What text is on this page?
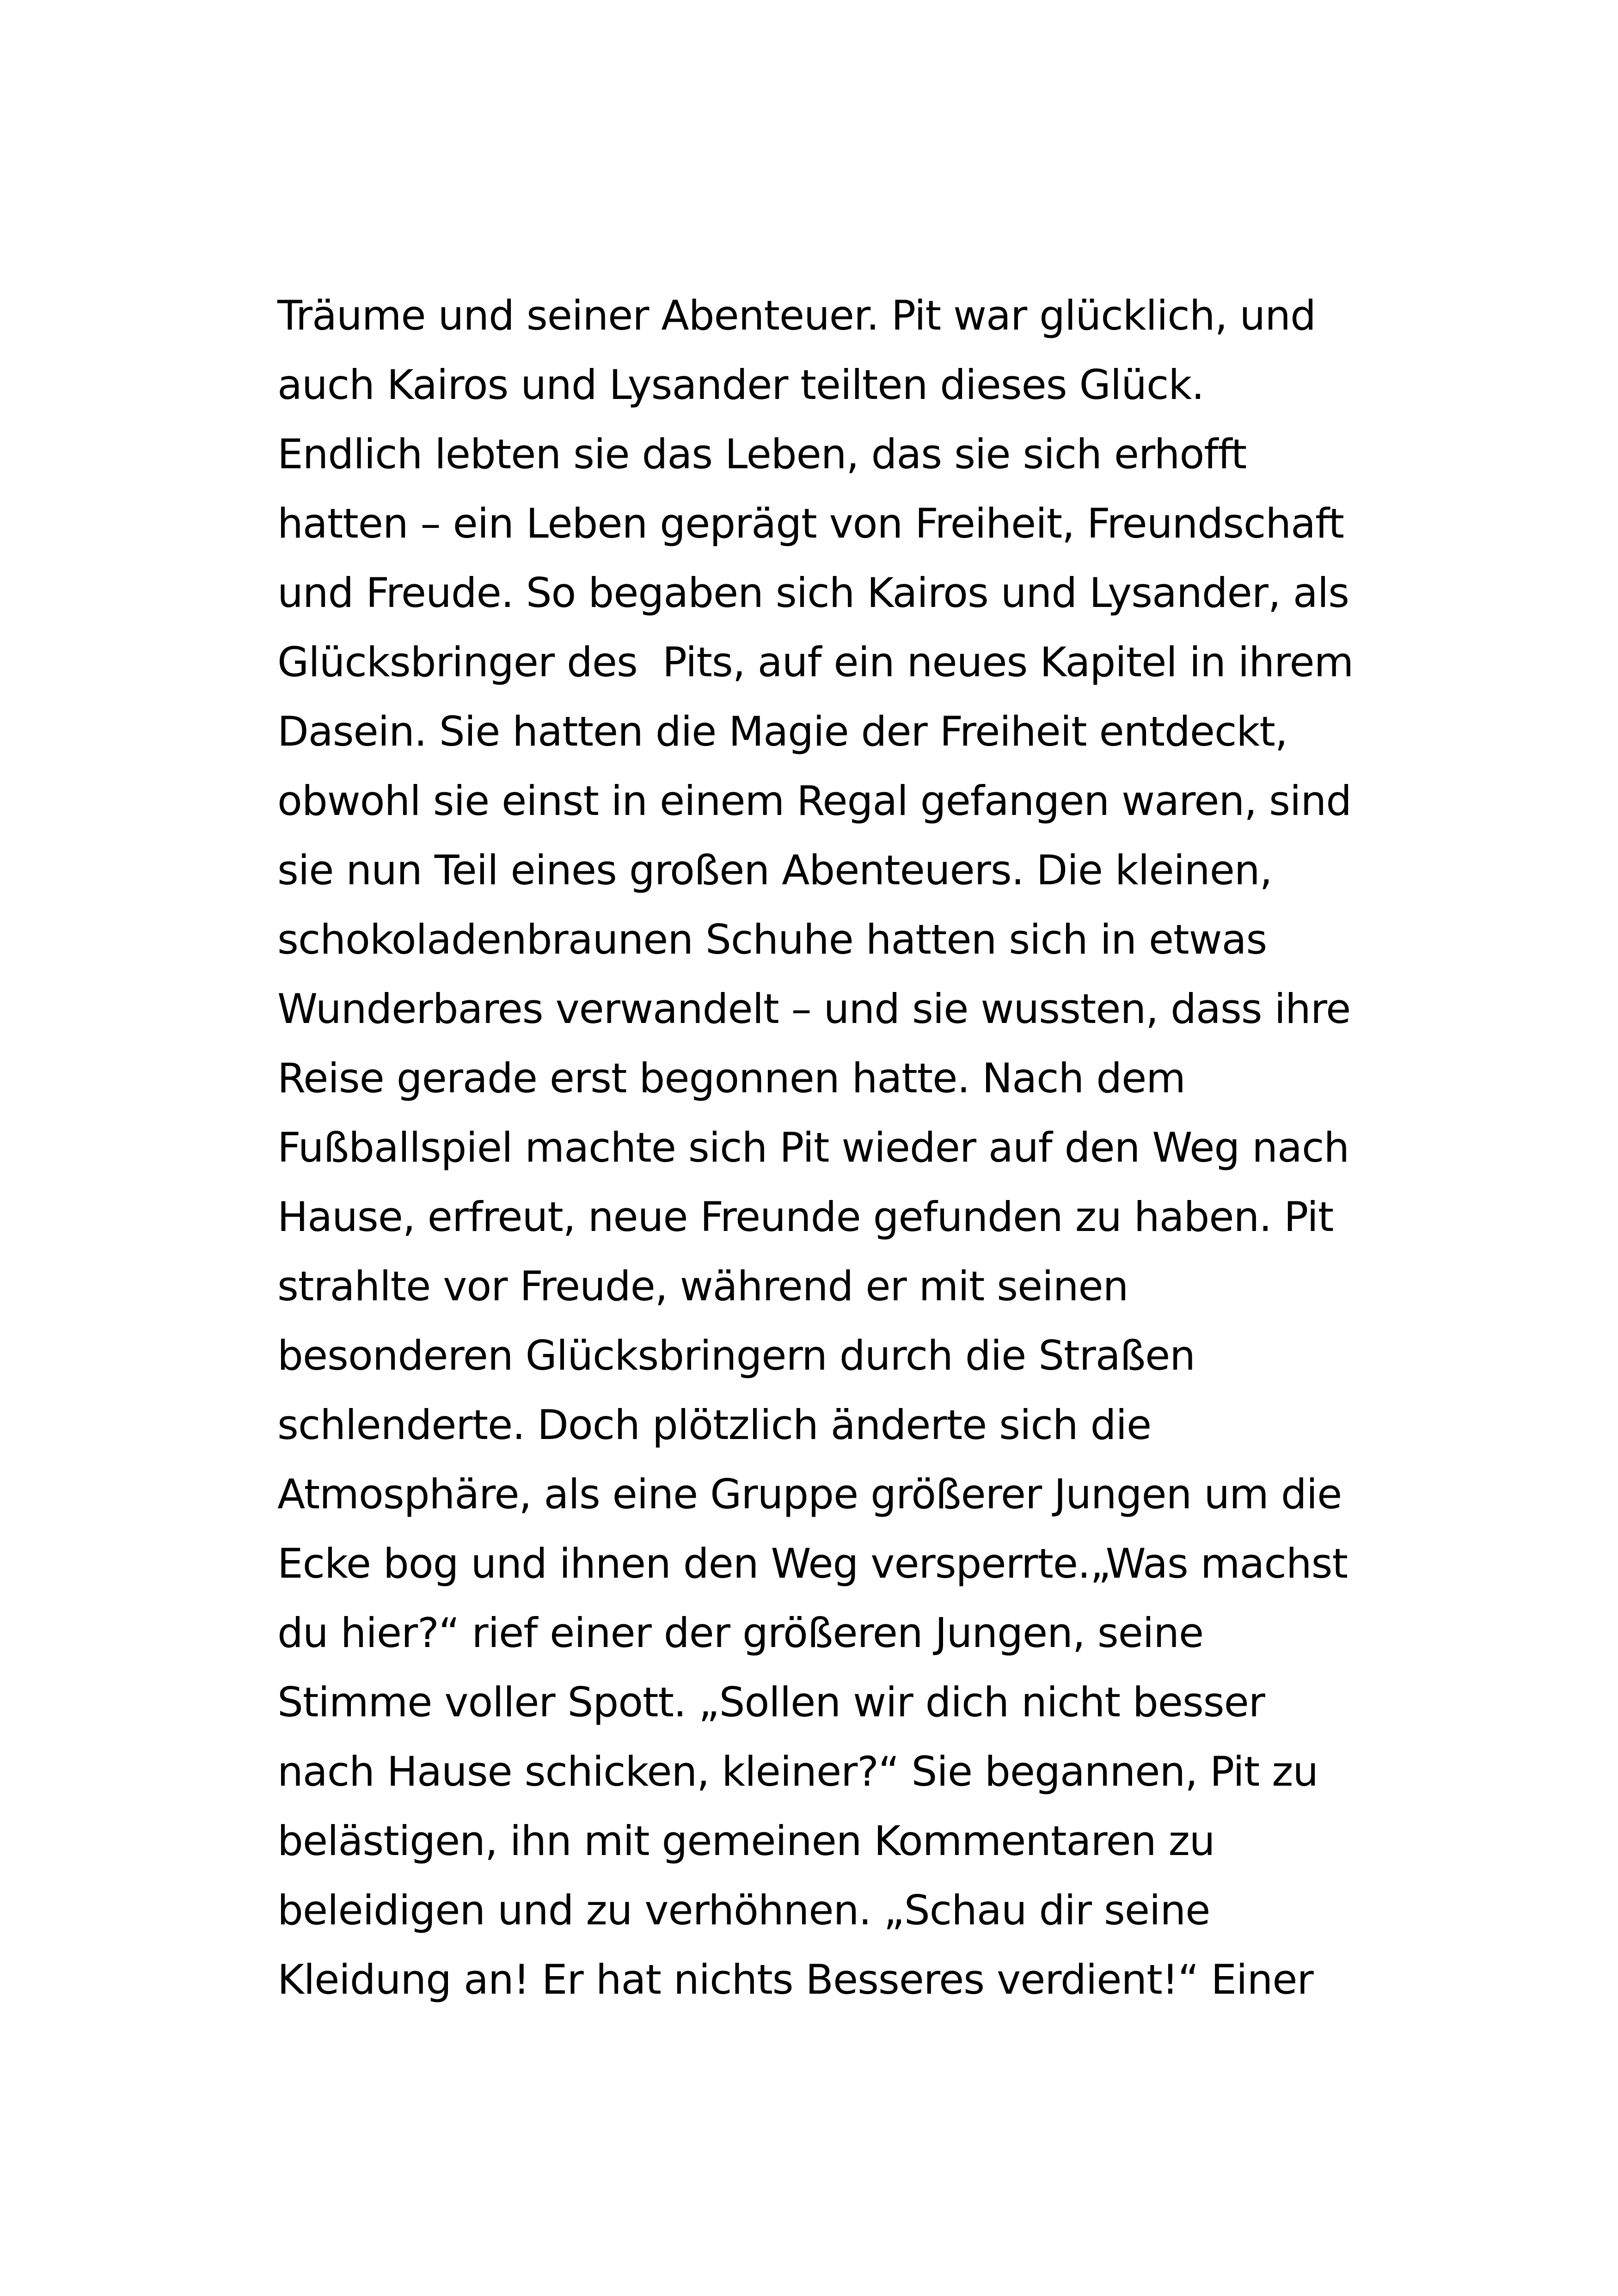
Träume und seiner Abenteuer. Pit war glücklich, und
auch Kairos und Lysander teilten dieses Glück.
Endlich lebten sie das Leben, das sie sich erhofft
hatten – ein Leben geprägt von Freiheit, Freundschaft
und Freude. So begaben sich Kairos und Lysander, als
Glücksbringer des  Pits, auf ein neues Kapitel in ihrem
Dasein. Sie hatten die Magie der Freiheit entdeckt,
obwohl sie einst in einem Regal gefangen waren, sind
sie nun Teil eines großen Abenteuers. Die kleinen,
schokoladenbraunen Schuhe hatten sich in etwas
Wunderbares verwandelt – und sie wussten, dass ihre
Reise gerade erst begonnen hatte. Nach dem
Fußballspiel machte sich Pit wieder auf den Weg nach
Hause, erfreut, neue Freunde gefunden zu haben. Pit
strahlte vor Freude, während er mit seinen
besonderen Glücksbringern durch die Straßen
schlenderte. Doch plötzlich änderte sich die
Atmosphäre, als eine Gruppe größerer Jungen um die
Ecke bog und ihnen den Weg versperrte.„Was machst
du hier?“ rief einer der größeren Jungen, seine
Stimme voller Spott. „Sollen wir dich nicht besser
nach Hause schicken, kleiner?“ Sie begannen, Pit zu
belästigen, ihn mit gemeinen Kommentaren zu
beleidigen und zu verhöhnen. „Schau dir seine
Kleidung an! Er hat nichts Besseres verdient!“ Einer
